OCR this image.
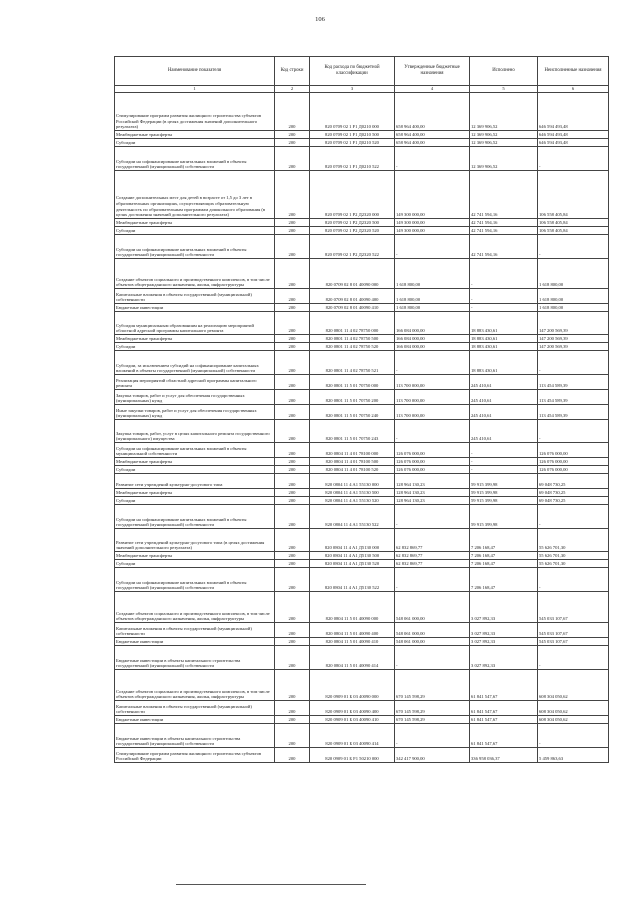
106
Наименование показателя	Код строки	Код расхода по бюджетной классификации	Утвержденные бюджетные назначения	Исполнено	Неисполненные назначения
1	2	3	4	5	6
Стимулирование программ развития жилищного строительства субъектов Российской Федерации (в целях достижения значений дополнительного результата)	200	820 0709 02 1 F1 Д0210 000	658 964 400,00	12 369 906,52	646 594 493,48
Межбюджетные трансферты	200	820 0709 02 1 F1 Д0210 500	658 964 400,00	12 369 906,52	646 594 493,48
Субсидии	200	820 0709 02 1 F1 Д0210 520	658 964 400,00	12 369 906,52	646 594 493,48
Субсидии на софинансирование капитальных вложений в объекты государственной (муниципальной) собственности	200	820 0709 02 1 F1 Д0210 522	-	12 369 906,52	-
Создание дополнительных мест для детей в возрасте от 1,5 до 3 лет в образовательных организациях, осуществляющих образовательную деятельность по образовательным программам дошкольного образования (в целях достижения значений дополнительного результата)	200	820 0709 02 1 P2 Д2320 000	149 300 000,00	42 741 594,16	106 558 405,84
Межбюджетные трансферты	200	820 0709 02 1 P2 Д2320 500	149 300 000,00	42 741 594,16	106 558 405,84
Субсидии	200	820 0709 02 1 P2 Д2320 520	149 300 000,00	42 741 594,16	106 558 405,84
Субсидии на софинансирование капитальных вложений в объекты государственной (муниципальной) собственности	200	820 0709 02 1 P2 Д2320 522	-	42 741 594,16	-
Создание объектов социального и производственного комплексов, в том числе объектов общегражданского назначения, жилья, инфраструктуры	200	820 0709 02 8 01 40090 000	1 618 800,00	-	1 618 800,00
Капитальные вложения в объекты государственной (муниципальной) собственности	200	820 0709 02 8 01 40090 400	1 618 800,00	-	1 618 800,00
Бюджетные инвестиции	200	820 0709 02 8 01 40090 410	1 618 800,00	-	1 618 800,00
Субсидия муниципальным образованиям на реализацию мероприятий областной адресной программы капитального ремонта	200	820 0801 11 4 02 78750 000	166 084 000,00	18 883 430,61	147 200 569,39
Межбюджетные трансферты	200	820 0801 11 4 02 78750 500	166 084 000,00	18 883 430,61	147 200 569,39
Субсидии	200	820 0801 11 4 02 78750 520	166 084 000,00	18 883 430,61	147 200 569,39
Субсидии, за исключением субсидий на софинансирование капитальных вложений в объекты государственной (муниципальной) собственности	200	820 0801 11 4 02 78750 521	-	18 883 430,61	-
Реализация мероприятий областной адресной программы капитального ремонта	200	820 0801 11 5 01 70750 000	113 700 000,00	245 410,61	113 454 589,39
Закупка товаров, работ и услуг для обеспечения государственных (муниципальных) нужд	200	820 0801 11 5 01 70750 200	113 700 000,00	245 410,61	113 454 589,39
Иные закупки товаров, работ и услуг для обеспечения государственных (муниципальных) нужд	200	820 0801 11 5 01 70750 240	113 700 000,00	245 410,61	113 454 589,39
Закупка товаров, работ, услуг в целях капитального ремонта государственного (муниципального) имущества	200	820 0801 11 5 01 70750 243	-	245 410,61	-
Субсидии на софинансирование капитальных вложений в объекты муниципальной собственности	200	820 0804 11 4 01 78100 000	126 076 000,00	-	126 076 000,00
Межбюджетные трансферты	200	820 0804 11 4 01 78100 500	126 076 000,00	-	126 076 000,00
Субсидии	200	820 0804 11 4 01 78100 520	126 076 000,00	-	126 076 000,00
Развитие сети учреждений культурно-досугового типа	200	820 0804 11 4 A1 55130 000	128 964 130,23	59 915 399,98	69 048 730,25
Межбюджетные трансферты	200	820 0804 11 4 A1 55130 500	128 964 130,23	59 915 399,98	69 048 730,25
Субсидии	200	820 0804 11 4 A1 55130 520	128 964 130,23	59 915 399,98	69 048 730,25
Субсидии на софинансирование капитальных вложений в объекты государственной (муниципальной) собственности	200	820 0804 11 4 A1 55130 522	-	59 915 399,98	-
Развитие сети учреждений культурно-досугового типа (в целях достижения значений дополнительного результата)	200	820 0804 11 4 A1 Д5130 000	62 832 869,77	7 206 168,47	55 626 701,30
Межбюджетные трансферты	200	820 0804 11 4 A1 Д5130 500	62 832 869,77	7 206 168,47	55 626 701,30
Субсидии	200	820 0804 11 4 A1 Д5130 520	62 832 869,77	7 206 168,47	55 626 701,30
Субсидии на софинансирование капитальных вложений в объекты государственной (муниципальной) собственности	200	820 0804 11 4 A1 Д5130 522	-	7 206 168,47	-
Создание объектов социального и производственного комплексов, в том числе объектов общегражданского назначения, жилья, инфраструктуры	200	820 0804 11 5 01 40090 000	548 061 000,00	3 027 892,33	545 033 107,67
Капитальные вложения в объекты государственной (муниципальной) собственности	200	820 0804 11 5 01 40090 400	548 061 000,00	3 027 892,33	545 033 107,67
Бюджетные инвестиции	200	820 0804 11 5 01 40090 410	548 061 000,00	3 027 892,33	545 033 107,67
Бюджетные инвестиции в объекты капитального строительства государственной (муниципальной) собственности	200	820 0804 11 5 01 40090 414	-	3 027 892,33	-
Создание объектов социального и производственного комплексов, в том числе объектов общегражданского назначения, жилья, инфраструктуры	200	820 0909 01 Б 03 40090 000	670 145 598,29	61 841 547,67	608 304 050,62
Капитальные вложения в объекты государственной (муниципальной) собственности	200	820 0909 01 Б 03 40090 400	670 145 598,29	61 841 547,67	608 304 050,62
Бюджетные инвестиции	200	820 0909 01 Б 03 40090 410	670 145 598,29	61 841 547,67	608 304 050,62
Бюджетные инвестиции в объекты капитального строительства государственной (муниципальной) собственности	200	820 0909 01 Б 03 40090 414	-	61 841 547,67	-
Стимулирование программ развития жилищного строительства субъектов Российской Федерации	200	820 0909 01 Б F1 50210 000	342 417 900,00	336 958 036,37	5 459 863,63
